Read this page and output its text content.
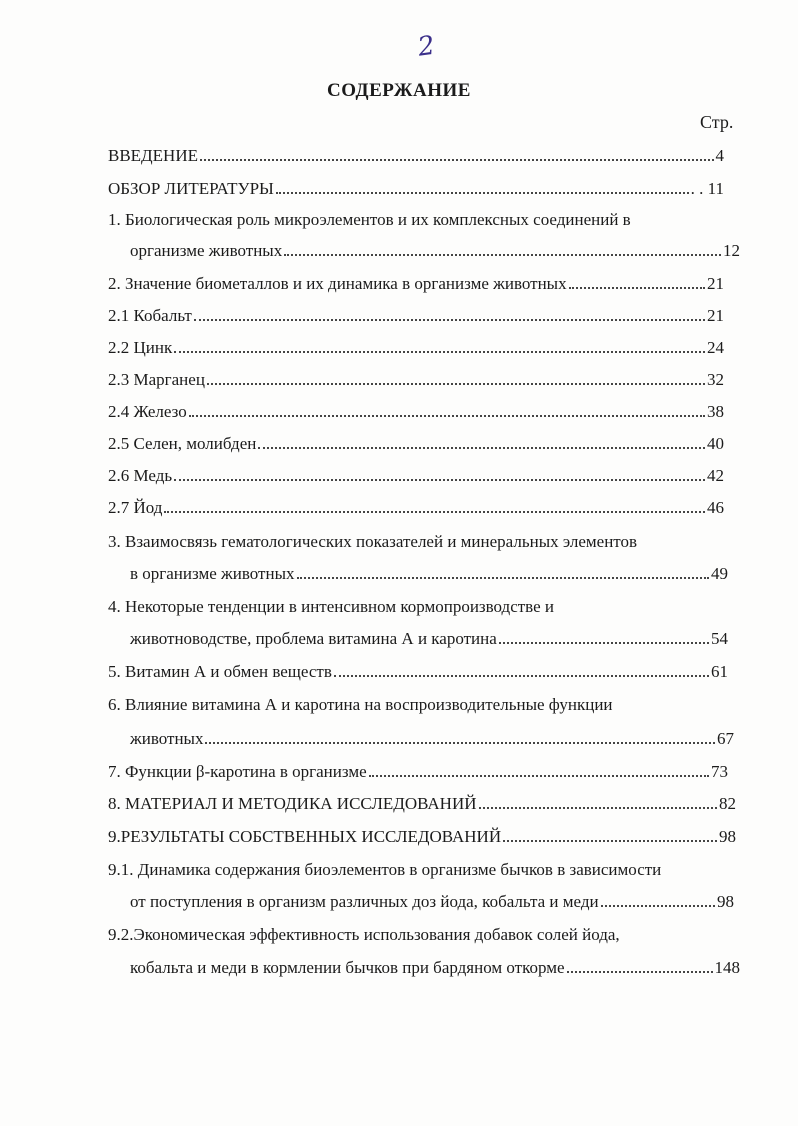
2
СОДЕРЖАНИЕ
Стр.
ВВЕДЕНИЕ	4
ОБЗОР ЛИТЕРАТУРЫ	. . 11
1. Биологическая роль микроэлементов и их комплексных соединений в
организме животных	12
2. Значение биометаллов и их динамика в организме животных	21
2.1 Кобальт	21
2.2 Цинк	24
2.3 Марганец	32
2.4 Железо	38
2.5 Селен, молибден	40
2.6 Медь	42
2.7 Йод	46
3. Взаимосвязь гематологических показателей и минеральных элементов
в организме животных	49
4. Некоторые тенденции в интенсивном кормопроизводстве и
животноводстве, проблема витамина А и каротина	54
5. Витамин А и обмен веществ	61
6. Влияние витамина А и каротина на воспроизводительные функции
животных	67
7. Функции β-каротина в организме	73
8. МАТЕРИАЛ И МЕТОДИКА ИССЛЕДОВАНИЙ	82
9.РЕЗУЛЬТАТЫ СОБСТВЕННЫХ ИССЛЕДОВАНИЙ	98
9.1. Динамика содержания биоэлементов в организме бычков в зависимости
от поступления в организм различных доз йода, кобальта и меди	98
9.2.Экономическая эффективность использования добавок солей йода,
кобальта и меди в кормлении бычков при бардяном откорме	148
